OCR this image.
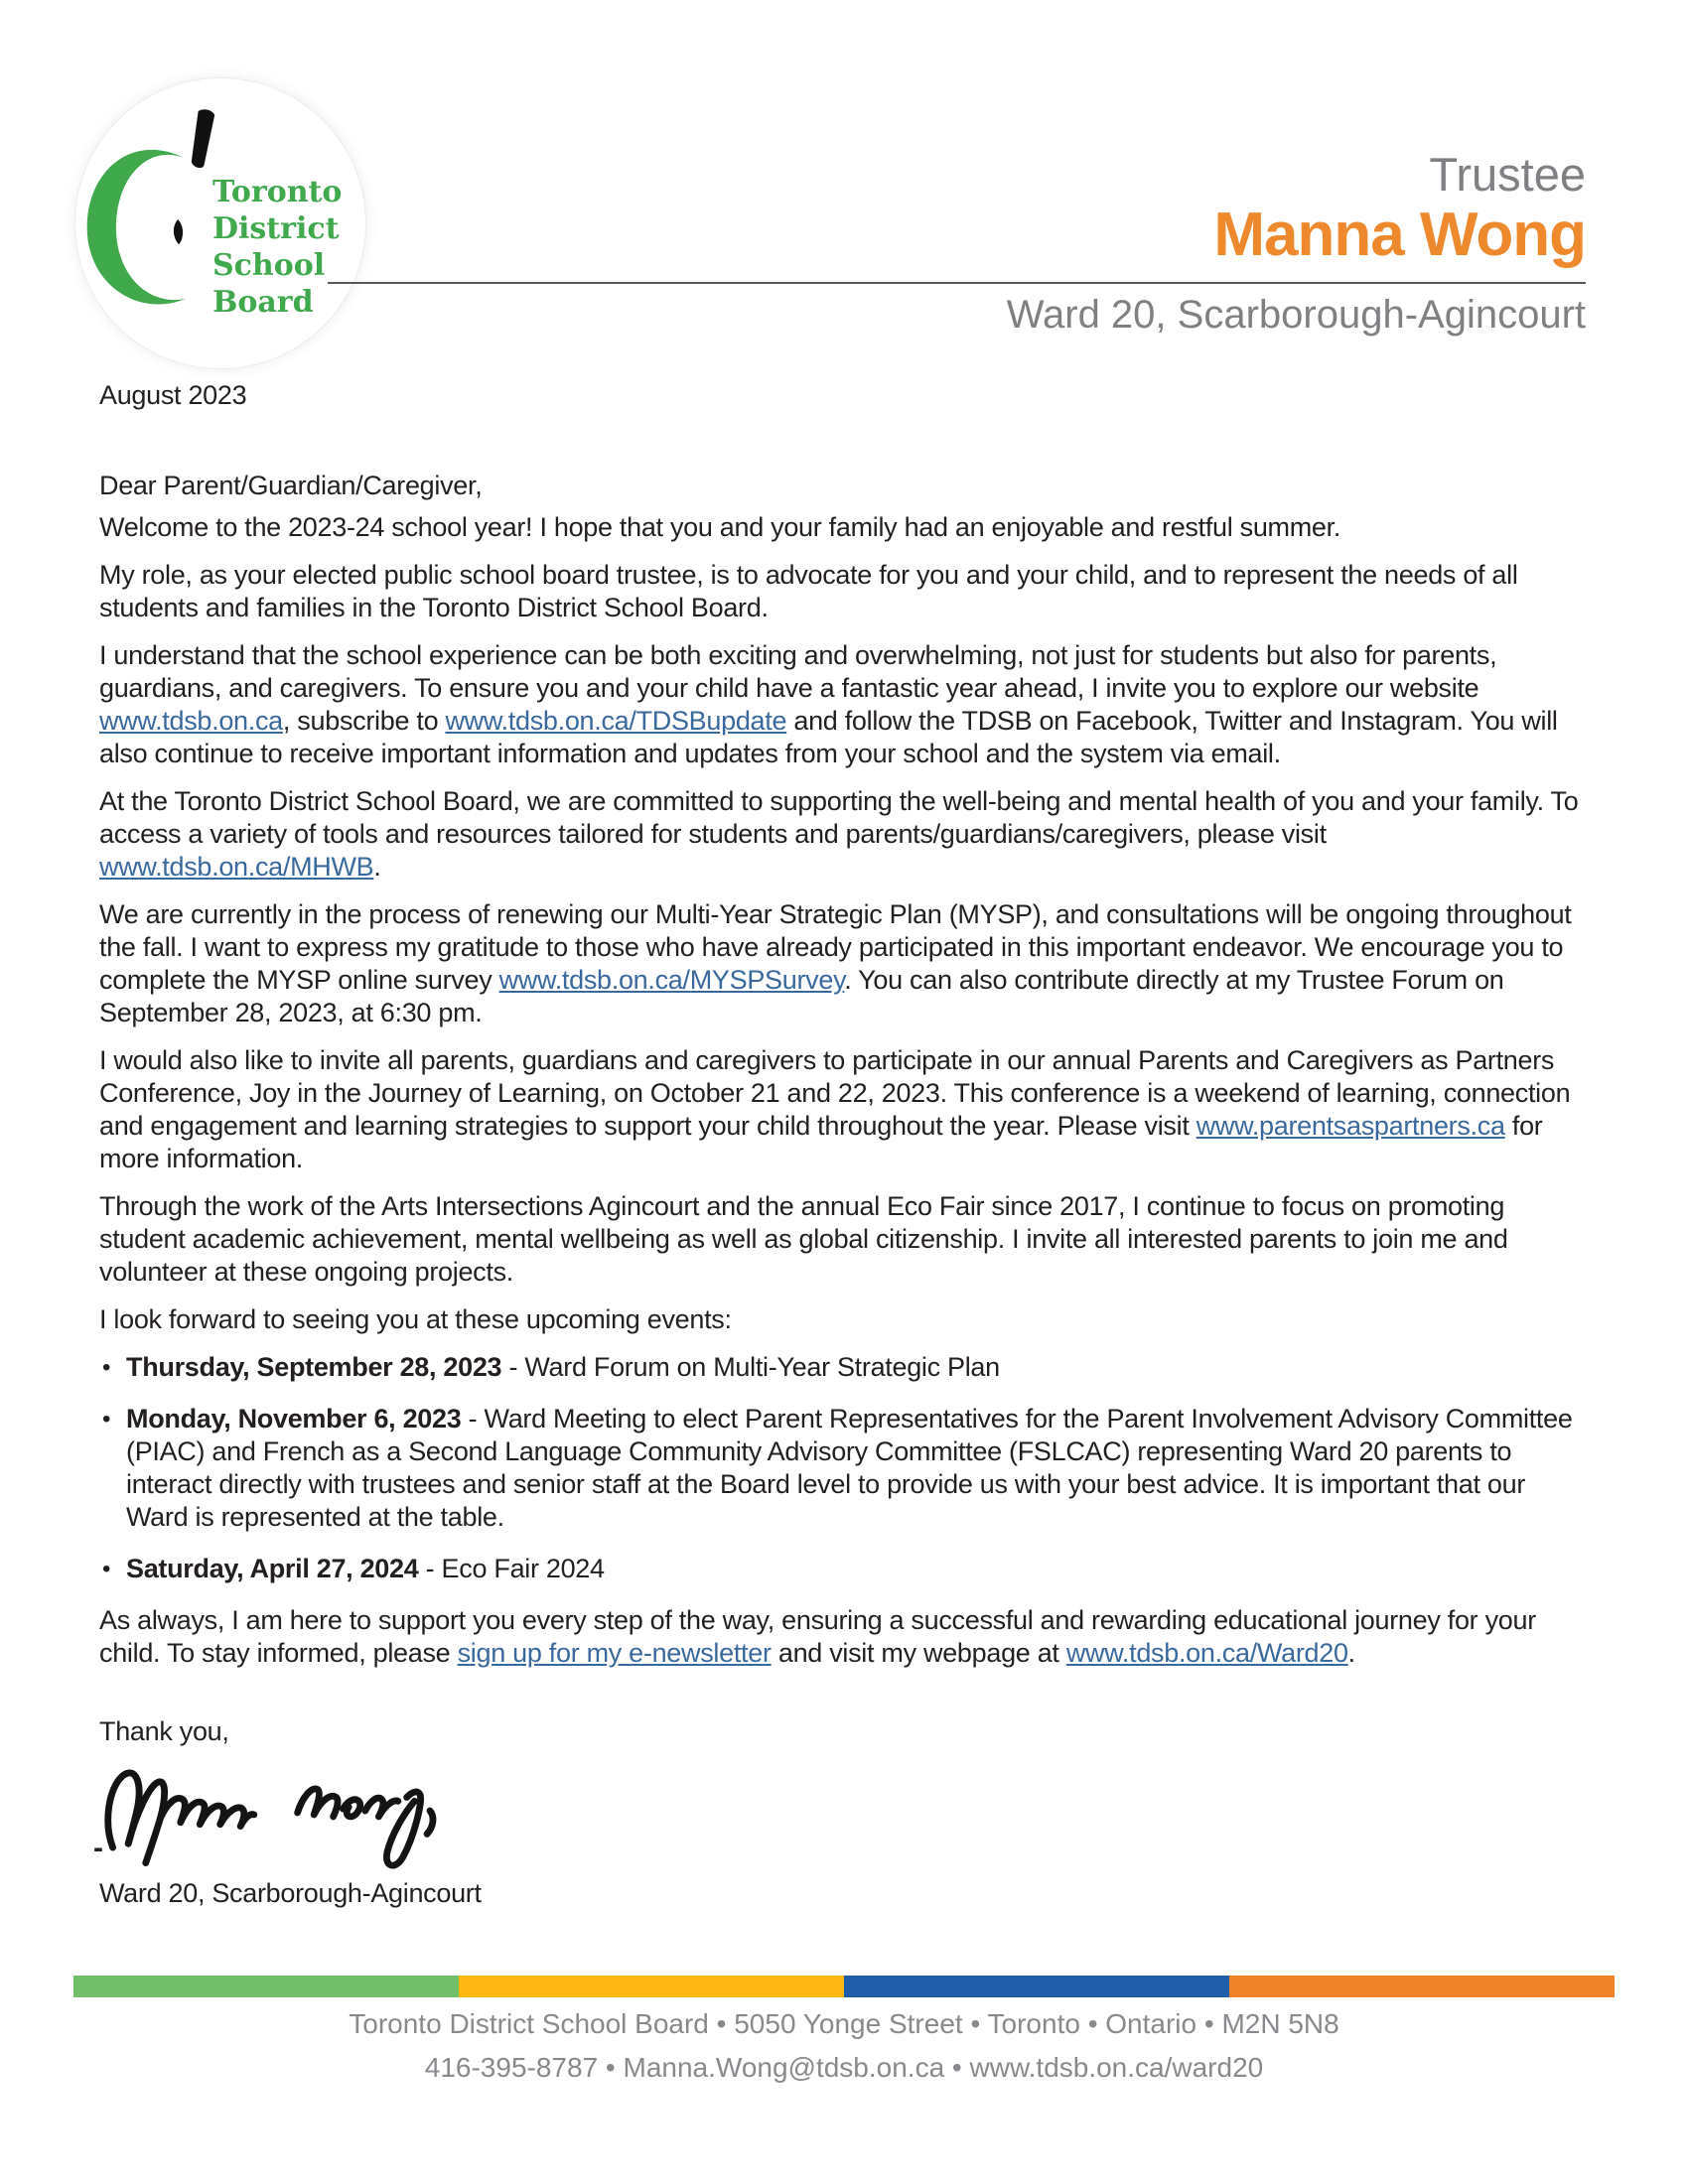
Toronto
District
School
Board
Trustee
Manna Wong
Ward 20, Scarborough-Agincourt

August 2023

Dear Parent/Guardian/Caregiver,

Welcome to the 2023-24 school year! I hope that you and your family had an enjoyable and restful summer.

My role, as your elected public school board trustee, is to advocate for you and your child, and to represent the needs of all students and families in the Toronto District School Board.

I understand that the school experience can be both exciting and overwhelming, not just for students but also for parents, guardians, and caregivers. To ensure you and your child have a fantastic year ahead, I invite you to explore our website www.tdsb.on.ca, subscribe to www.tdsb.on.ca/TDSBupdate and follow the TDSB on Facebook, Twitter and Instagram. You will also continue to receive important information and updates from your school and the system via email.

At the Toronto District School Board, we are committed to supporting the well-being and mental health of you and your family. To access a variety of tools and resources tailored for students and parents/guardians/caregivers, please visit www.tdsb.on.ca/MHWB.

We are currently in the process of renewing our Multi-Year Strategic Plan (MYSP), and consultations will be ongoing throughout the fall. I want to express my gratitude to those who have already participated in this important endeavor. We encourage you to complete the MYSP online survey www.tdsb.on.ca/MYSPSurvey. You can also contribute directly at my Trustee Forum on September 28, 2023, at 6:30 pm.

I would also like to invite all parents, guardians and caregivers to participate in our annual Parents and Caregivers as Partners Conference, Joy in the Journey of Learning, on October 21 and 22, 2023. This conference is a weekend of learning, connection and engagement and learning strategies to support your child throughout the year. Please visit www.parentsaspartners.ca for more information.

Through the work of the Arts Intersections Agincourt and the annual Eco Fair since 2017, I continue to focus on promoting student academic achievement, mental wellbeing as well as global citizenship. I invite all interested parents to join me and volunteer at these ongoing projects.

I look forward to seeing you at these upcoming events:

• Thursday, September 28, 2023 - Ward Forum on Multi-Year Strategic Plan
• Monday, November 6, 2023 - Ward Meeting to elect Parent Representatives for the Parent Involvement Advisory Committee (PIAC) and French as a Second Language Community Advisory Committee (FSLCAC) representing Ward 20 parents to interact directly with trustees and senior staff at the Board level to provide us with your best advice. It is important that our Ward is represented at the table.
• Saturday, April 27, 2024 - Eco Fair 2024

As always, I am here to support you every step of the way, ensuring a successful and rewarding educational journey for your child. To stay informed, please sign up for my e-newsletter and visit my webpage at www.tdsb.on.ca/Ward20.

Thank you,

-

Ward 20, Scarborough-Agincourt

Toronto District School Board • 5050 Yonge Street • Toronto • Ontario • M2N 5N8

416-395-8787 • Manna.Wong@tdsb.on.ca • www.tdsb.on.ca/ward20
